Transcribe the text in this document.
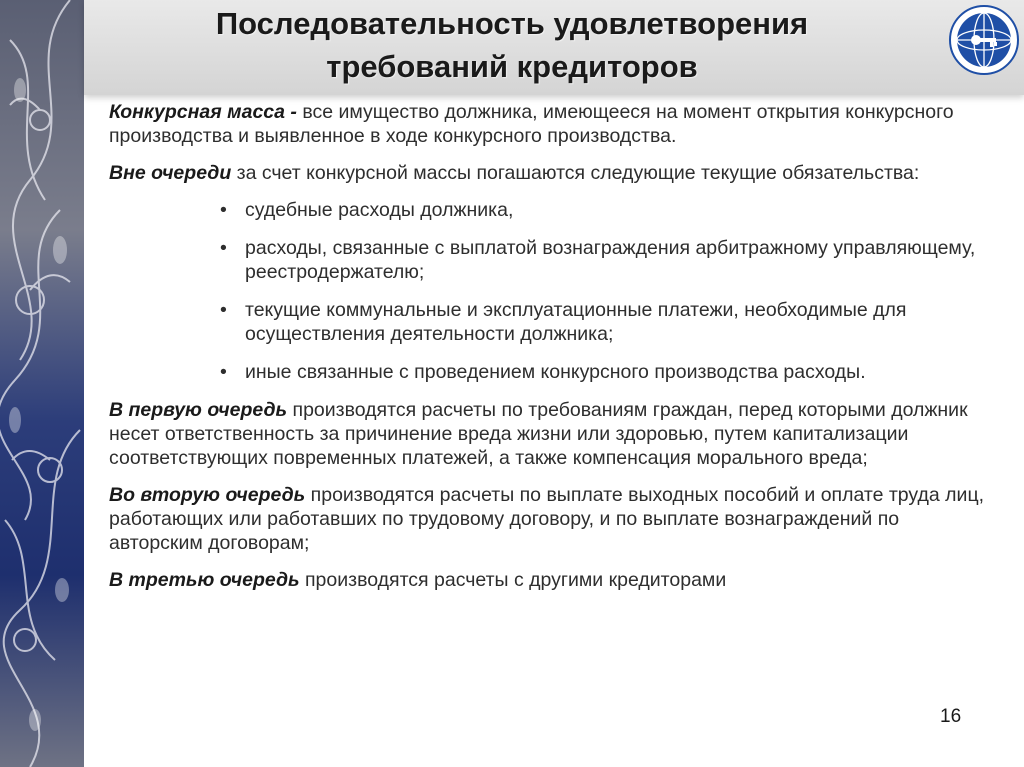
Последовательность удовлетворения
требований кредиторов

Конкурсная масса - все имущество должника, имеющееся на момент открытия конкурсного производства и выявленное в ходе конкурсного производства.

Вне очереди за счет конкурсной массы погашаются следующие текущие обязательства:

• судебные расходы должника,
• расходы, связанные с выплатой вознаграждения арбитражному управляющему, реестродержателю;
• текущие коммунальные и эксплуатационные платежи, необходимые для осуществления деятельности должника;
• иные связанные с проведением конкурсного производства расходы.

В первую очередь производятся расчеты по требованиям граждан, перед которыми должник несет ответственность за причинение вреда жизни или здоровью, путем капитализации соответствующих повременных платежей, а также компенсация морального вреда;

Во вторую очередь производятся расчеты по выплате выходных пособий и оплате труда лиц, работающих или работавших по трудовому договору, и по выплате вознаграждений по авторским договорам;

В третью очередь производятся расчеты с другими кредиторами

16
